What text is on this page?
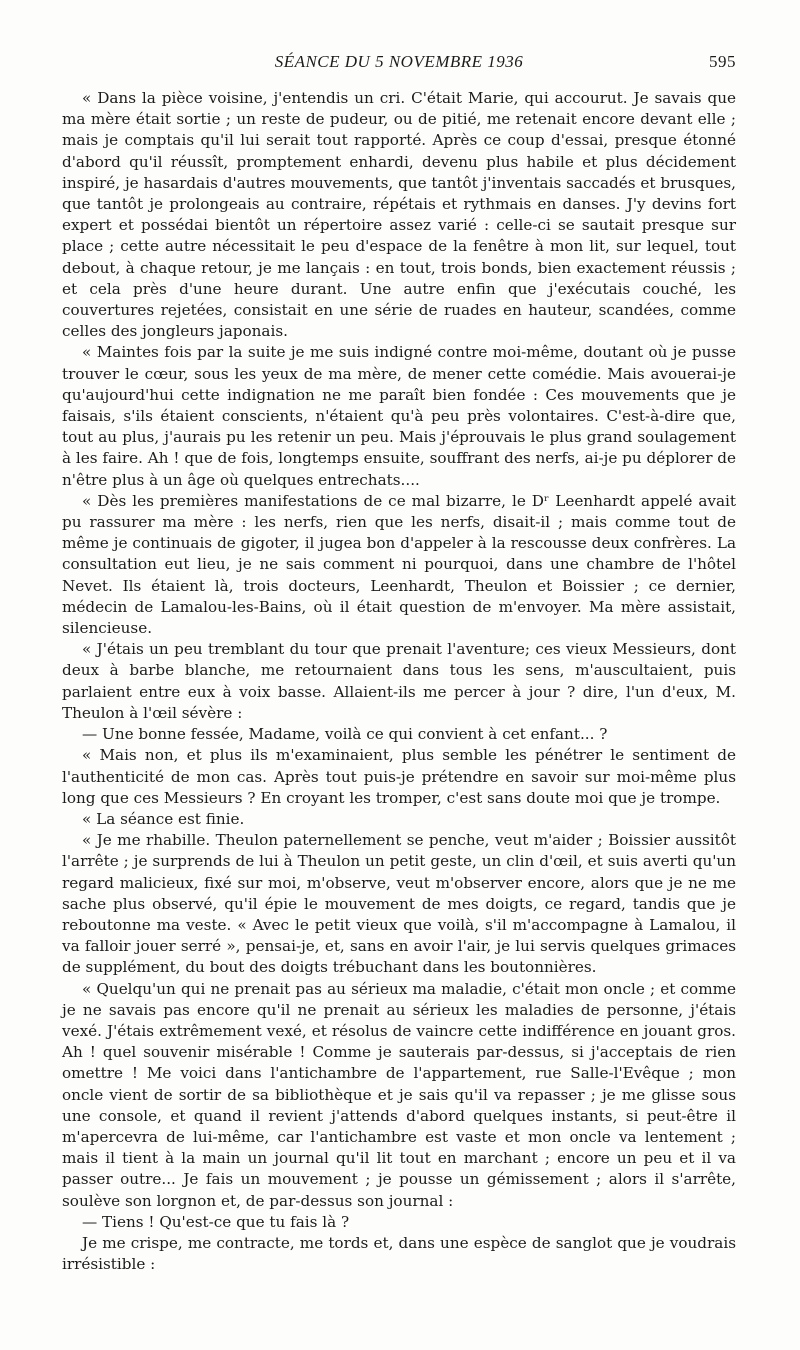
SÉANCE DU 5 NOVEMBRE 1936	595

« Dans la pièce voisine, j'entendis un cri. C'était Marie, qui accourut. Je savais que ma mère était sortie ; un reste de pudeur, ou de pitié, me retenait encore devant elle ; mais je comptais qu'il lui serait tout rapporté. Après ce coup d'essai, presque étonné d'abord qu'il réussît, promptement enhardi, devenu plus habile et plus décidement inspiré, je hasardais d'autres mouvements, que tantôt j'inventais saccadés et brusques, que tantôt je prolongeais au contraire, répétais et rythmais en danses. J'y devins fort expert et possédai bientôt un répertoire assez varié : celle-ci se sautait presque sur place ; cette autre nécessitait le peu d'espace de la fenêtre à mon lit, sur lequel, tout debout, à chaque retour, je me lançais : en tout, trois bonds, bien exactement réussis ; et cela près d'une heure durant. Une autre enfin que j'exécutais couché, les couvertures rejetées, consistait en une série de ruades en hauteur, scandées, comme celles des jongleurs japonais.

« Maintes fois par la suite je me suis indigné contre moi-même, doutant où je pusse trouver le cœur, sous les yeux de ma mère, de mener cette comédie. Mais avouerai-je qu'aujourd'hui cette indignation ne me paraît bien fondée : Ces mouvements que je faisais, s'ils étaient conscients, n'étaient qu'à peu près volontaires. C'est-à-dire que, tout au plus, j'aurais pu les retenir un peu. Mais j'éprouvais le plus grand soulagement à les faire. Ah ! que de fois, longtemps ensuite, souffrant des nerfs, ai-je pu déplorer de n'être plus à un âge où quelques entrechats....

« Dès les premières manifestations de ce mal bizarre, le Dʳ Leenhardt appelé avait pu rassurer ma mère : les nerfs, rien que les nerfs, disait-il ; mais comme tout de même je continuais de gigoter, il jugea bon d'appeler à la rescousse deux confrères. La consultation eut lieu, je ne sais comment ni pourquoi, dans une chambre de l'hôtel Nevet. Ils étaient là, trois docteurs, Leenhardt, Theulon et Boissier ; ce dernier, médecin de Lamalou-les-Bains, où il était question de m'envoyer. Ma mère assistait, silencieuse.

« J'étais un peu tremblant du tour que prenait l'aventure; ces vieux Messieurs, dont deux à barbe blanche, me retournaient dans tous les sens, m'auscultaient, puis parlaient entre eux à voix basse. Allaient-ils me percer à jour ? dire, l'un d'eux, M. Theulon à l'œil sévère :

— Une bonne fessée, Madame, voilà ce qui convient à cet enfant... ?

« Mais non, et plus ils m'examinaient, plus semble les pénétrer le sentiment de l'authenticité de mon cas. Après tout puis-je prétendre en savoir sur moi-même plus long que ces Messieurs ? En croyant les tromper, c'est sans doute moi que je trompe.

« La séance est finie.

« Je me rhabille. Theulon paternellement se penche, veut m'aider ; Boissier aussitôt l'arrête ; je surprends de lui à Theulon un petit geste, un clin d'œil, et suis averti qu'un regard malicieux, fixé sur moi, m'observe, veut m'observer encore, alors que je ne me sache plus observé, qu'il épie le mouvement de mes doigts, ce regard, tandis que je reboutonne ma veste. « Avec le petit vieux que voilà, s'il m'accompagne à Lamalou, il va falloir jouer serré », pensai-je, et, sans en avoir l'air, je lui servis quelques grimaces de supplément, du bout des doigts trébuchant dans les boutonnières.

« Quelqu'un qui ne prenait pas au sérieux ma maladie, c'était mon oncle ; et comme je ne savais pas encore qu'il ne prenait au sérieux les maladies de personne, j'étais vexé. J'étais extrêmement vexé, et résolus de vaincre cette indifférence en jouant gros. Ah ! quel souvenir misérable ! Comme je sauterais par-dessus, si j'acceptais de rien omettre ! Me voici dans l'antichambre de l'appartement, rue Salle-l'Evêque ; mon oncle vient de sortir de sa bibliothèque et je sais qu'il va repasser ; je me glisse sous une console, et quand il revient j'attends d'abord quelques instants, si peut-être il m'apercevra de lui-même, car l'antichambre est vaste et mon oncle va lentement ; mais il tient à la main un journal qu'il lit tout en marchant ; encore un peu et il va passer outre... Je fais un mouvement ; je pousse un gémissement ; alors il s'arrête, soulève son lorgnon et, de par-dessus son journal :

— Tiens ! Qu'est-ce que tu fais là ?

Je me crispe, me contracte, me tords et, dans une espèce de sanglot que je voudrais irrésistible :
